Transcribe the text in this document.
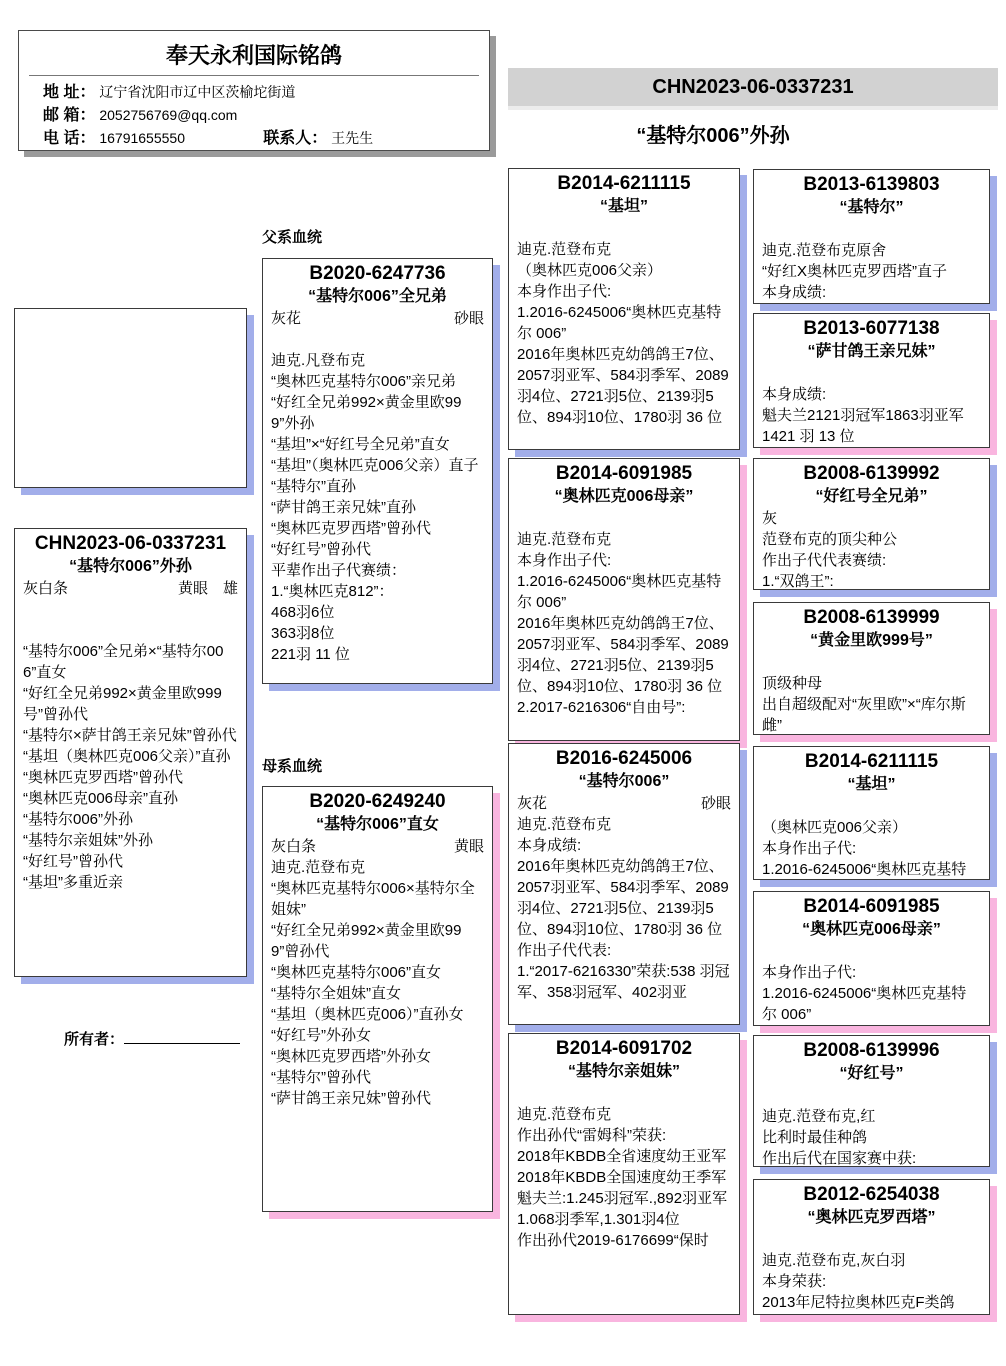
奉天永利国际铭鸽
地 址： 辽宁省沈阳市辽中区茨榆坨街道
邮 箱： 2052756769@qq.com
电 话： 16791655550	联系人： 王先生
CHN2023-06-0337231
“基特尔006”外孙
CHN2023-06-0337231
“基特尔006”外孙
灰白条	黄眼　雄

“基特尔006”全兄弟×“基特尔006”直女
“好红全兄弟992×黄金里欧999号”曾孙代
“基特尔×萨甘鸽王亲兄妹”曾孙代
“基坦（奥林匹克006父亲）”直孙
“奥林匹克罗西塔”曾孙代
“奥林匹克006母亲”直孙
“基特尔006”外孙
“基特尔亲姐妹”外孙
“好红号”曾孙代
“基坦”多重近亲
所有者：
父系血统
母系血统
B2020-6247736
“基特尔006”全兄弟
灰花	砂眼

迪克.凡登布克
“奥林匹克基特尔006”亲兄弟
“好红全兄弟992×黄金里欧999”外孙
“基坦”×“好红号全兄弟”直女
“基坦”（奥林匹克006父亲）直子
“基特尔”直孙
“萨甘鸽王亲兄妹”直孙
“奥林匹克罗西塔”曾孙代
“好红号”曾孙代
平辈作出子代赛绩：
1.“奥林匹克812”：
468羽6位
363羽8位
221羽 11 位
B2020-6249240
“基特尔006”直女
灰白条	黄眼
迪克.范登布克
“奥林匹克基特尔006×基特尔全姐妹”
“好红全兄弟992×黄金里欧999”曾孙代
“奥林匹克基特尔006”直女
“基特尔全姐妹”直女
“基坦（奥林匹克006）”直孙女
“好红号”外孙女
“奥林匹克罗西塔”外孙女
“基特尔”曾孙代
“萨甘鸽王亲兄妹”曾孙代
B2014-6211115
“基坦”

迪克.范登布克
（奥林匹克006父亲）
本身作出子代:
1.2016-6245006“奥林匹克基特尔 006”
2016年奥林匹克幼鸽鸽王7位、2057羽亚军、584羽季军、2089羽4位、2721羽5位、2139羽5位、894羽10位、1780羽 36 位
B2014-6091985
“奥林匹克006母亲”

迪克.范登布克
本身作出子代:
1.2016-6245006“奥林匹克基特尔 006”
2016年奥林匹克幼鸽鸽王7位、2057羽亚军、584羽季军、2089羽4位、2721羽5位、2139羽5位、894羽10位、1780羽 36 位
2.2017-6216306“自由号”:
B2016-6245006
“基特尔006”
灰花	砂眼
迪克.范登布克
本身成绩:
2016年奥林匹克幼鸽鸽王7位、2057羽亚军、584羽季军、2089羽4位、2721羽5位、2139羽5位、894羽10位、1780羽 36 位
作出子代代表:
1.“2017-6216330”荣获:538 羽冠军、358羽冠军、402羽亚
B2014-6091702
“基特尔亲姐妹”

迪克.范登布克
作出孙代“雷姆科”荣获:
2018年KBDB全省速度幼王亚军
2018年KBDB全国速度幼王季军
魁夫兰:1.245羽冠军.,892羽亚军
1.068羽季军,1.301羽4位
作出孙代2019-6176699“保时
B2013-6139803
“基特尔”

迪克.范登布克原舍
“好红X奥林匹克罗西塔”直子
本身成绩:
B2013-6077138
“萨甘鸽王亲兄妹”

本身成绩:
魁夫兰2121羽冠军1863羽亚军
1421 羽 13 位
B2008-6139992
“好红号全兄弟”
灰
范登布克的顶尖种公
作出子代代表赛绩:
1.“双鸽王”:
B2008-6139999
“黄金里欧999号”

顶级种母
出自超级配对“灰里欧”×“库尔斯雌”
B2014-6211115
“基坦”

（奥林匹克006父亲）
本身作出子代:
1.2016-6245006“奥林匹克基特
B2014-6091985
“奥林匹克006母亲”

本身作出子代:
1.2016-6245006“奥林匹克基特尔 006”
B2008-6139996
“好红号”

迪克.范登布克,红
比利时最佳种鸽
作出后代在国家赛中获:
B2012-6254038
“奥林匹克罗西塔”

迪克.范登布克,灰白羽
本身荣获:
2013年尼特拉奥林匹克F类鸽
